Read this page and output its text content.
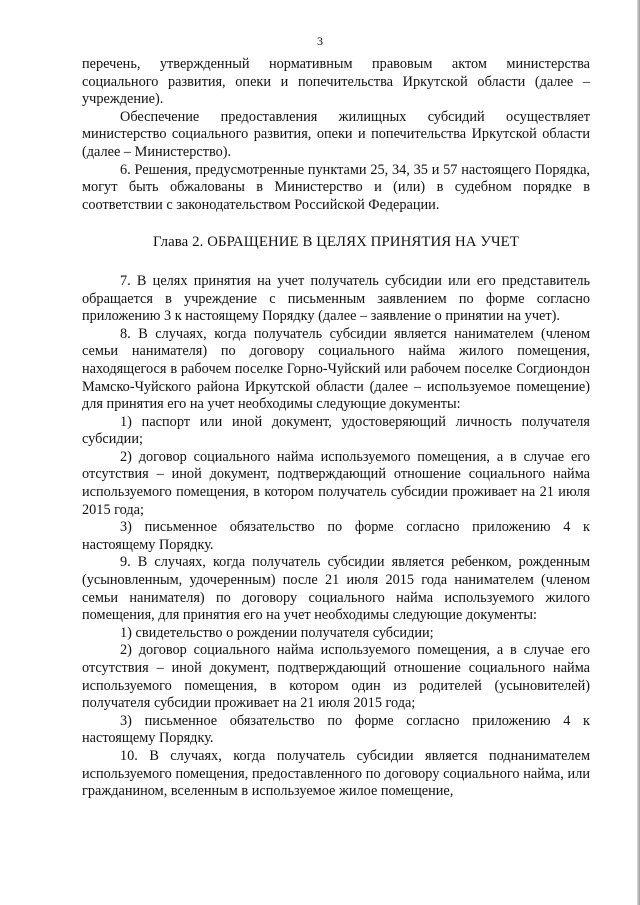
3

перечень, утвержденный нормативным правовым актом министерства социального развития, опеки и попечительства Иркутской области (далее – учреждение).

Обеспечение предоставления жилищных субсидий осуществляет министерство социального развития, опеки и попечительства Иркутской области (далее – Министерство).

6. Решения, предусмотренные пунктами 25, 34, 35 и 57 настоящего Порядка, могут быть обжалованы в Министерство и (или) в судебном порядке в соответствии с законодательством Российской Федерации.

Глава 2. ОБРАЩЕНИЕ В ЦЕЛЯХ ПРИНЯТИЯ НА УЧЕТ

7. В целях принятия на учет получатель субсидии или его представитель обращается в учреждение с письменным заявлением по форме согласно приложению 3 к настоящему Порядку (далее – заявление о принятии на учет).

8. В случаях, когда получатель субсидии является нанимателем (членом семьи нанимателя) по договору социального найма жилого помещения, находящегося в рабочем поселке Горно-Чуйский или рабочем поселке Согдиондон Мамско-Чуйского района Иркутской области (далее – используемое помещение) для принятия его на учет необходимы следующие документы:

1) паспорт или иной документ, удостоверяющий личность получателя субсидии;

2) договор социального найма используемого помещения, а в случае его отсутствия – иной документ, подтверждающий отношение социального найма используемого помещения, в котором получатель субсидии проживает на 21 июля 2015 года;

3) письменное обязательство по форме согласно приложению 4 к настоящему Порядку.

9. В случаях, когда получатель субсидии является ребенком, рожденным (усыновленным, удочеренным) после 21 июля 2015 года нанимателем (членом семьи нанимателя) по договору социального найма используемого жилого помещения, для принятия его на учет необходимы следующие документы:

1) свидетельство о рождении получателя субсидии;

2) договор социального найма используемого помещения, а в случае его отсутствия – иной документ, подтверждающий отношение социального найма используемого помещения, в котором один из родителей (усыновителей) получателя субсидии проживает на 21 июля 2015 года;

3) письменное обязательство по форме согласно приложению 4 к настоящему Порядку.

10. В случаях, когда получатель субсидии является поднанимателем используемого помещения, предоставленного по договору социального найма, или гражданином, вселенным в используемое жилое помещение,
